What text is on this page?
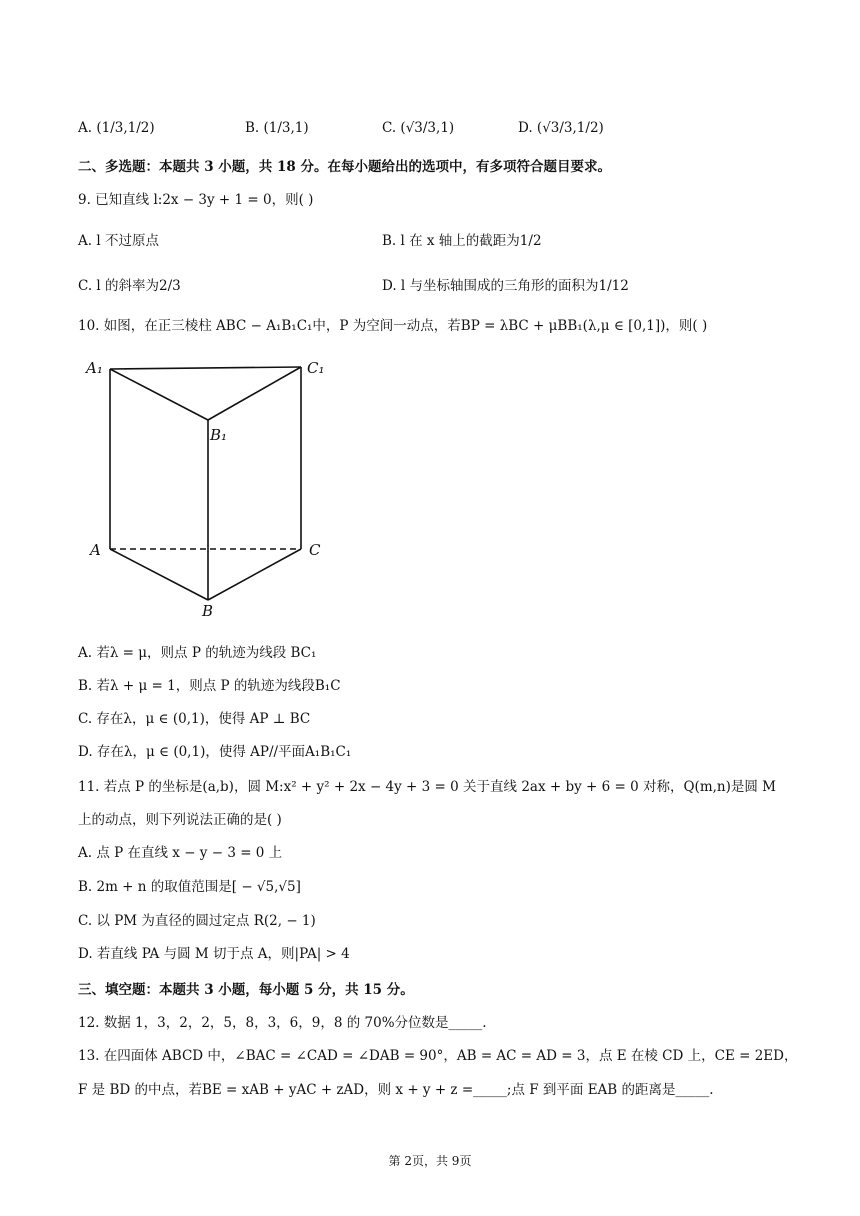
A. (1/3,1/2)	B. (1/3,1)	C. (√3/3,1)	D. (√3/3,1/2)
二、多选题：本题共 3 小题，共 18 分。在每小题给出的选项中，有多项符合题目要求。
9. 已知直线 l:2x − 3y + 1 = 0，则( )
A. l 不过原点	B. l 在 x 轴上的截距为1/2
C. l 的斜率为2/3	D. l 与坐标轴围成的三角形的面积为1/12
10. 如图，在正三棱柱 ABC − A₁B₁C₁中，P 为空间一动点，若BP = λBC + μBB₁(λ,μ ∈ [0,1])，则( )
A₁	C₁
B₁
A	C
B
A. 若λ = μ，则点 P 的轨迹为线段 BC₁
B. 若λ + μ = 1，则点 P 的轨迹为线段B₁C
C. 存在λ，μ ∈ (0,1)，使得 AP ⊥ BC
D. 存在λ，μ ∈ (0,1)，使得 AP//平面A₁B₁C₁
11. 若点 P 的坐标是(a,b)，圆 M:x² + y² + 2x − 4y + 3 = 0 关于直线 2ax + by + 6 = 0 对称，Q(m,n)是圆 M
上的动点，则下列说法正确的是( )
A. 点 P 在直线 x − y − 3 = 0 上
B. 2m + n 的取值范围是[ − √5,√5]
C. 以 PM 为直径的圆过定点 R(2, − 1)
D. 若直线 PA 与圆 M 切于点 A，则|PA| > 4
三、填空题：本题共 3 小题，每小题 5 分，共 15 分。
12. 数据 1，3，2，2，5，8，3，6，9，8 的 70%分位数是_____.
13. 在四面体 ABCD 中，∠BAC = ∠CAD = ∠DAB = 90°，AB = AC = AD = 3，点 E 在棱 CD 上，CE = 2ED，
F 是 BD 的中点，若BE = xAB + yAC + zAD，则 x + y + z =_____;点 F 到平面 EAB 的距离是_____.
第 2页，共 9页
